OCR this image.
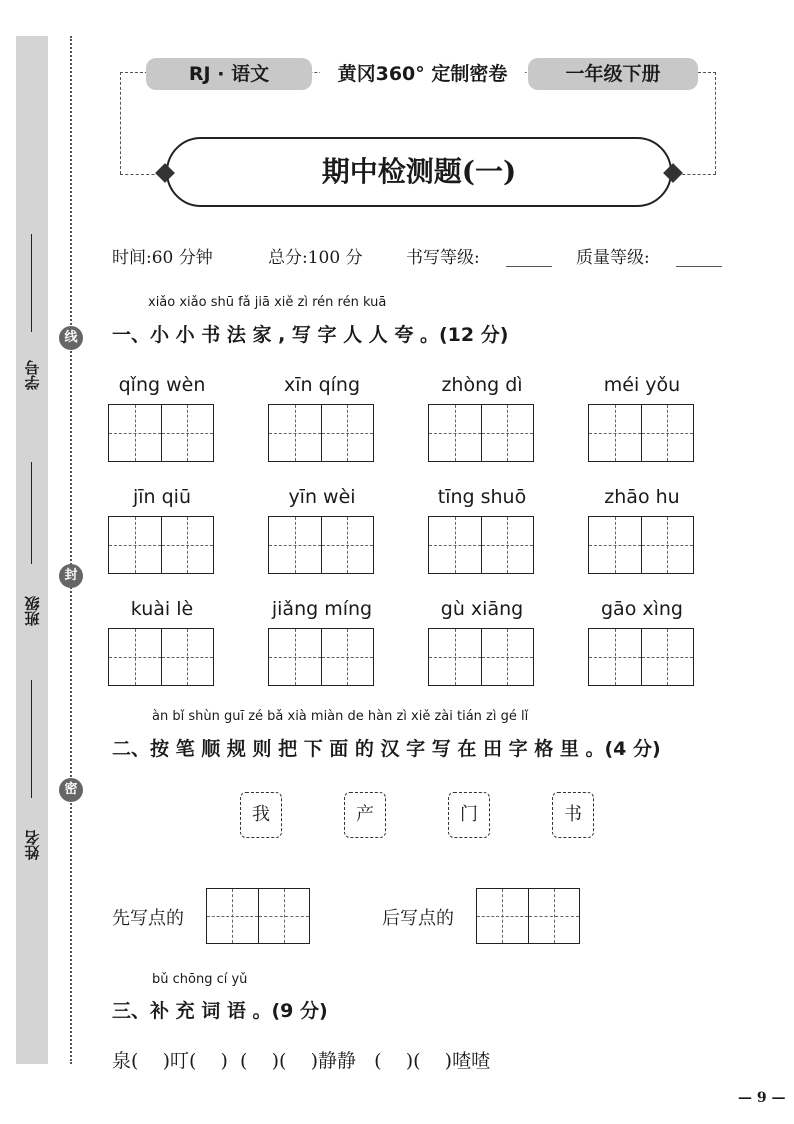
学号
班级
姓名
线
封
密
RJ · 语文	黄冈360° 定制密卷	一年级下册
期中检测题(一)
时间:60 分钟	总分:100 分	书写等级:	质量等级:
xiǎo xiǎo shū fǎ jiā xiě zì rén rén kuā
一、小 小 书 法 家 , 写 字 人 人 夸 。(12 分)
qǐng wèn	xīn qíng	zhòng dì	méi yǒu
jīn qiū	yīn wèi	tīng shuō	zhāo hu
kuài lè	jiǎng míng	gù xiāng	gāo xìng
àn bǐ shùn guī zé bǎ xià miàn de hàn zì xiě zài tián zì gé lǐ
二、按 笔 顺 规 则 把 下 面 的 汉 字 写 在 田 字 格 里 。(4 分)
我	产	门	书
先写点的	后写点的
bǔ chōng cí yǔ
三、补 充 词 语 。(9 分)
泉(    )叮(    )  (    )(    )静静   (    )(    )喳喳
— 9 —
